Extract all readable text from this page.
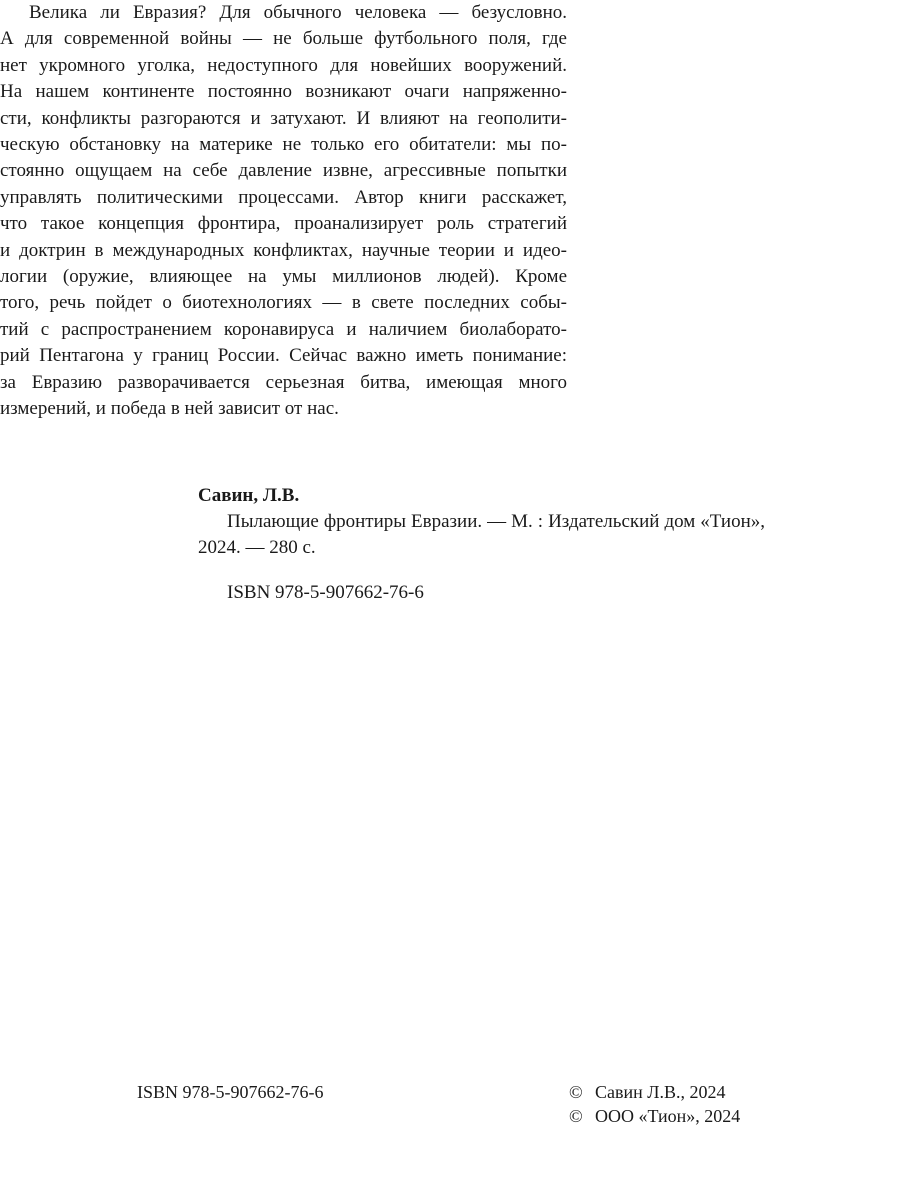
Савин, Л.В.
Пылающие фронтиры Евразии. — М. : Издательский дом «Тион», 2024. — 280 с.
ISBN 978-5-907662-76-6
Велика ли Евразия? Для обычного человека — безусловно.
А для современной войны — не больше футбольного поля, где
нет укромного уголка, недоступного для новейших вооружений.
На нашем континенте постоянно возникают очаги напряженно-
сти, конфликты разгораются и затухают. И влияют на геополити-
ческую обстановку на материке не только его обитатели: мы по-
стоянно ощущаем на себе давление извне, агрессивные попытки
управлять политическими процессами. Автор книги расскажет,
что такое концепция фронтира, проанализирует роль стратегий
и доктрин в международных конфликтах, научные теории и идео-
логии (оружие, влияющее на умы миллионов людей). Кроме
того, речь пойдет о биотехнологиях — в свете последних собы-
тий с распространением коронавируса и наличием биолаборато-
рий Пентагона у границ России. Сейчас важно иметь понимание:
за Евразию разворачивается серьезная битва, имеющая много
измерений, и победа в ней зависит от нас.
ISBN 978-5-907662-76-6	© Савин Л.В., 2024
© ООО «Тион», 2024
